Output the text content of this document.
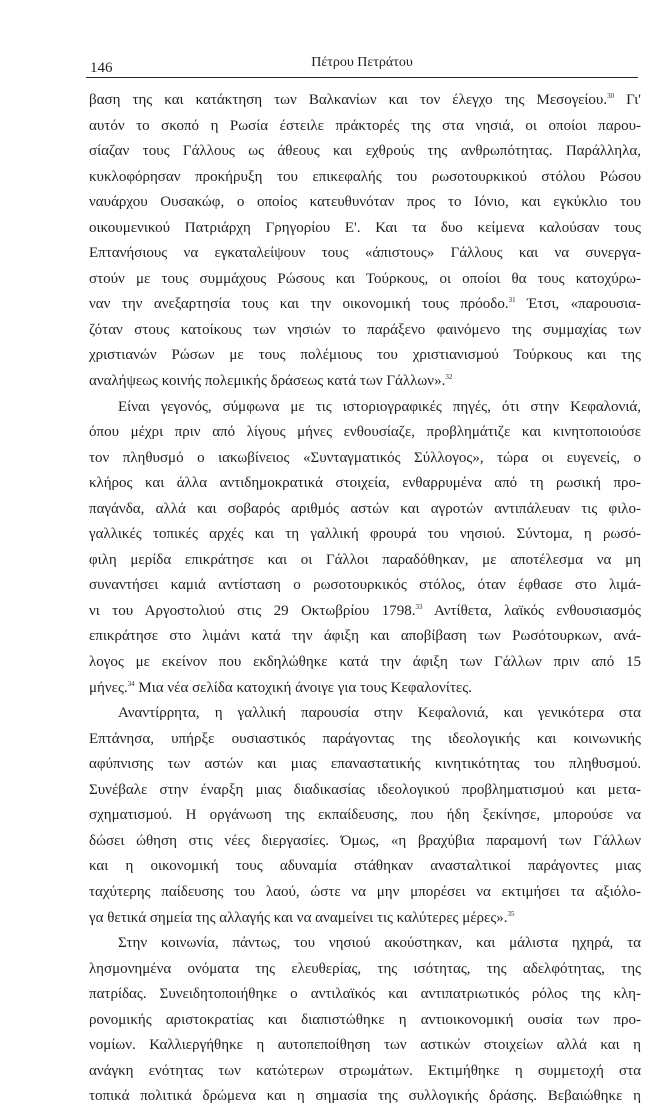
146	Πέτρου Πετράτου
βαση της και κατάκτηση των Βαλκανίων και τον έλεγχο της Μεσογείου.$^{30}$ Γι'
αυτόν το σκοπό η Ρωσία έστειλε πράκτορές της στα νησιά, οι οποίοι παρου-
σίαζαν τους Γάλλους ως άθεους και εχθρούς της ανθρωπότητας. Παράλληλα,
κυκλοφόρησαν προκήρυξη του επικεφαλής του ρωσοτουρκικού στόλου Ρώσου
ναυάρχου Ουσακώφ, ο οποίος κατευθυνόταν προς το Ιόνιο, και εγκύκλιο του
οικουμενικού Πατριάρχη Γρηγορίου Ε'. Και τα δυο κείμενα καλούσαν τους
Επτανήσιους να εγκαταλείψουν τους «άπιστους» Γάλλους και να συνεργα-
στούν με τους συμμάχους Ρώσους και Τούρκους, οι οποίοι θα τους κατοχύρω-
ναν την ανεξαρτησία τους και την οικονομική τους πρόοδο.$^{31}$ Έτσι, «παρουσια-
ζόταν στους κατοίκους των νησιών το παράξενο φαινόμενο της συμμαχίας των
χριστιανών Ρώσων με τους πολέμιους του χριστιανισμού Τούρκους και της
αναλήψεως κοινής πολεμικής δράσεως κατά των Γάλλων».$^{32}$
Είναι γεγονός, σύμφωνα με τις ιστοριογραφικές πηγές, ότι στην Κεφαλονιά,
όπου μέχρι πριν από λίγους μήνες ενθουσίαζε, προβλημάτιζε και κινητοποιούσε
τον πληθυσμό ο ιακωβίνειος «Συνταγματικός Σύλλογος», τώρα οι ευγενείς, ο
κλήρος και άλλα αντιδημοκρατικά στοιχεία, ενθαρρυμένα από τη ρωσική προ-
παγάνδα, αλλά και σοβαρός αριθμός αστών και αγροτών αντιπάλευαν τις φιλο-
γαλλικές τοπικές αρχές και τη γαλλική φρουρά του νησιού. Σύντομα, η ρωσό-
φιλη μερίδα επικράτησε και οι Γάλλοι παραδόθηκαν, με αποτέλεσμα να μη
συναντήσει καμιά αντίσταση ο ρωσοτουρκικός στόλος, όταν έφθασε στο λιμά-
νι του Αργοστολιού στις 29 Οκτωβρίου 1798.33 Αντίθετα, λαϊκός ενθουσιασμός
επικράτησε στο λιμάνι κατά την άφιξη και αποβίβαση των Ρωσότουρκων, ανά-
λογος με εκείνον που εκδηλώθηκε κατά την άφιξη των Γάλλων πριν από 15
μήνες.$^{34}$ Μια νέα σελίδα κατοχική άνοιγε για τους Κεφαλονίτες.
Αναντίρρητα, η γαλλική παρουσία στην Κεφαλονιά, και γενικότερα στα
Επτάνησα, υπήρξε ουσιαστικός παράγοντας της ιδεολογικής και κοινωνικής
αφύπνισης των αστών και μιας επαναστατικής κινητικότητας του πληθυσμού.
Συνέβαλε στην έναρξη μιας διαδικασίας ιδεολογικού προβληματισμού και μετα-
σχηματισμού. Η οργάνωση της εκπαίδευσης, που ήδη ξεκίνησε, μπορούσε να
δώσει ώθηση στις νέες διεργασίες. Όμως, «η βραχύβια παραμονή των Γάλλων
και η οικονομική τους αδυναμία στάθηκαν ανασταλτικοί παράγοντες μιας
ταχύτερης παίδευσης του λαού, ώστε να μην μπορέσει να εκτιμήσει τα αξιόλο-
γα θετικά σημεία της αλλαγής και να αναμείνει τις καλύτερες μέρες».$^{35}$
Στην κοινωνία, πάντως, του νησιού ακούστηκαν, και μάλιστα ηχηρά, τα
λησμονημένα ονόματα της ελευθερίας, της ισότητας, της αδελφότητας, της
πατρίδας. Συνειδητοποιήθηκε ο αντιλαϊκός και αντιπατριωτικός ρόλος της κλη-
ρονομικής αριστοκρατίας και διαπιστώθηκε η αντιοικονομική ουσία των προ-
νομίων. Καλλιεργήθηκε η αυτοπεποίθηση των αστικών στοιχείων αλλά και η
ανάγκη ενότητας των κατώτερων στρωμάτων. Εκτιμήθηκε η συμμετοχή στα
τοπικά πολιτικά δρώμενα και η σημασία της συλλογικής δράσης. Βεβαιώθηκε η
